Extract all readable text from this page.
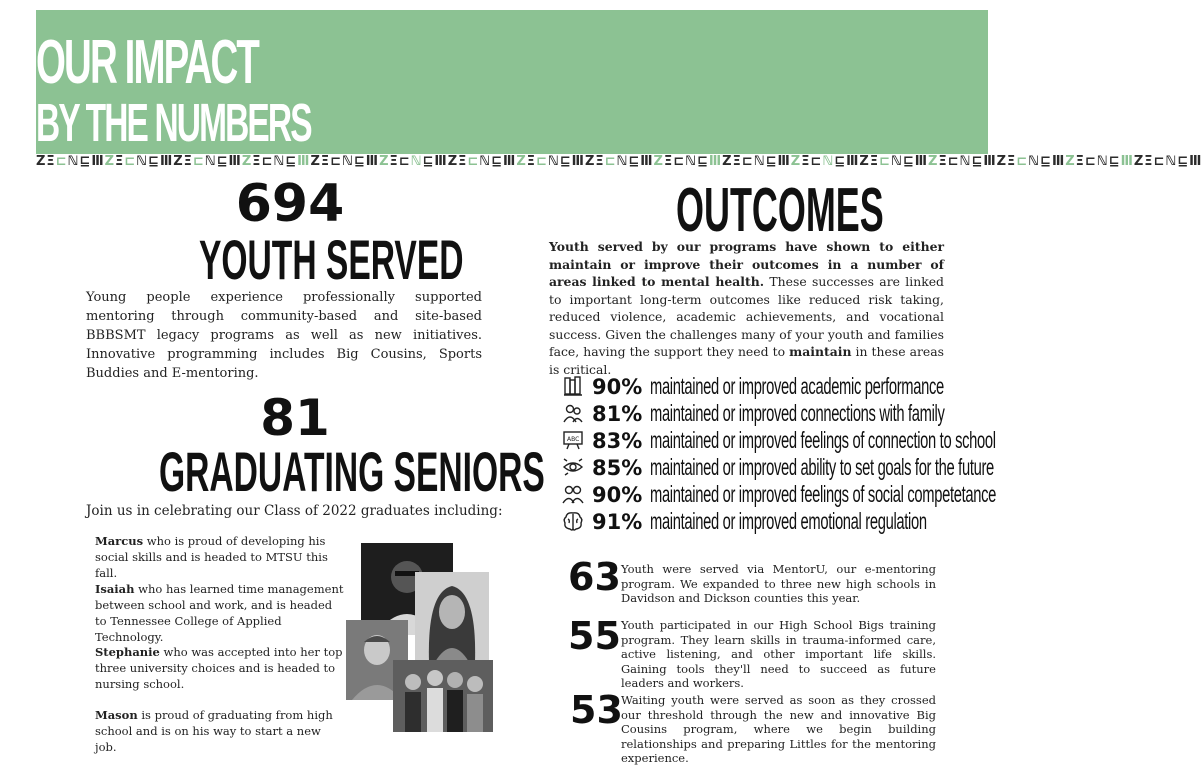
OUR IMPACT
BY THE NUMBERS
ZΞ⊏ℕ⊑ⅢZΞ⊏ℕ⊑ⅢZΞ⊏ℕ⊑ⅢZΞ⊏ℕ⊑ⅢZΞ⊏ℕ⊑ⅢZΞ⊏ℕ⊑ⅢZΞ⊏ℕ⊑ⅢZΞ⊏ℕ⊑ⅢZΞ⊏ℕ⊑ⅢZΞ⊏ℕ⊑ⅢZΞ⊏ℕ⊑ⅢZΞ⊏ℕ⊑ⅢZΞ⊏ℕ⊑ⅢZΞ⊏ℕ⊑ⅢZΞ⊏ℕ⊑ⅢZΞ⊏ℕ⊑ⅢZΞ⊏ℕ⊑Ⅲ
694
YOUTH SERVED
Young people experience professionally supported mentoring through community-based and site-based BBBSMT legacy programs as well as new initiatives. Innovative programming includes Big Cousins, Sports Buddies and E-mentoring.
81
GRADUATING SENIORS
Join us in celebrating our Class of 2022 graduates including:
Marcus who is proud of developing his social skills and is headed to MTSU this fall.
Isaiah who has learned time management between school and work, and is headed to Tennessee College of Applied Technology.
Stephanie who was accepted into her top three university choices and is headed to nursing school.
Mason is proud of graduating from high school and is on his way to start a new job.
OUTCOMES
Youth served by our programs have shown to either maintain or improve their outcomes in a number of areas linked to mental health. These successes are linked to important long-term outcomes like reduced risk taking, reduced violence, academic achievements, and vocational success. Given the challenges many of your youth and families face, having the support they need to maintain in these areas is critical.
90% maintained or improved academic performance
81% maintained or improved connections with family
ABC 83% maintained or improved feelings of connection to school
85% maintained or improved ability to set goals for the future
90% maintained or improved feelings of social competetance
91% maintained or improved emotional regulation
63 Youth were served via MentorU, our e-mentoring program. We expanded to three new high schools in Davidson and Dickson counties this year.
55 Youth participated in our High School Bigs training program. They learn skills in trauma-informed care, active listening, and other important life skills. Gaining tools they'll need to succeed as future leaders and workers.
53
Waiting youth were served as soon as they crossed our threshold through the new and innovative Big Cousins program, where we begin building relationships and preparing Littles for the mentoring experience.
